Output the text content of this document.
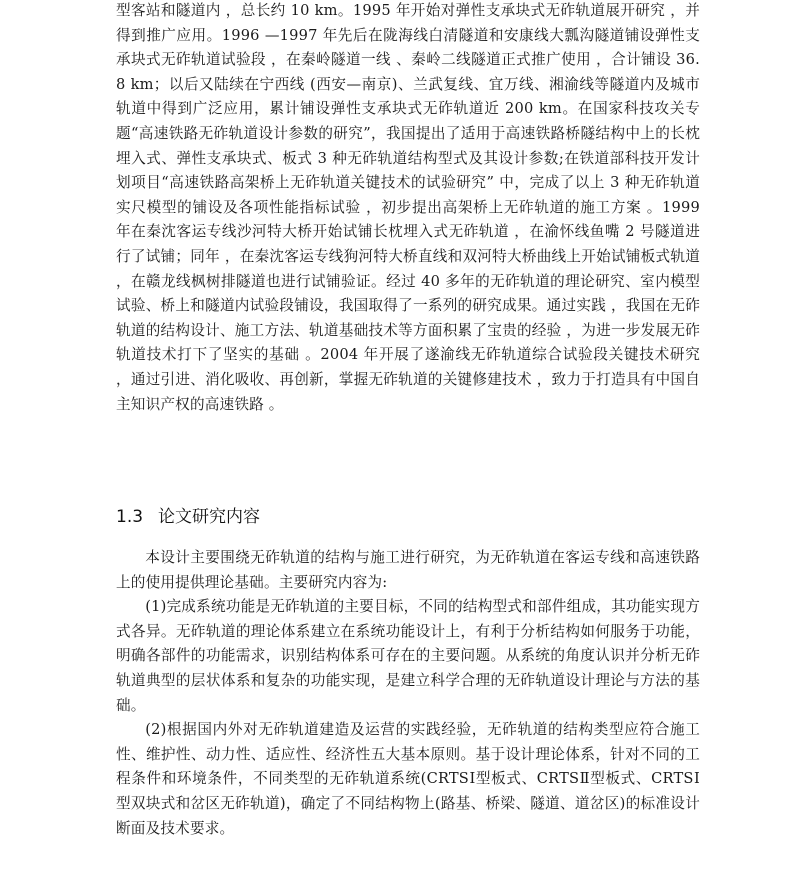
型客站和隧道内 ，总长约 10 km。1995 年开始对弹性支承块式无砟轨道展开研究 ，并得到推广应用。1996 —1997 年先后在陇海线白清隧道和安康线大瓢沟隧道铺设弹性支承块式无砟轨道试验段 ，在秦岭隧道一线 、秦岭二线隧道正式推广使用 ，合计铺设 36.8 km；以后又陆续在宁西线 (西安—南京)、兰武复线、宜万线、湘渝线等隧道内及城市轨道中得到广泛应用，累计铺设弹性支承块式无砟轨道近 200 km。在国家科技攻关专题“高速铁路无砟轨道设计参数的研究”，我国提出了适用于高速铁路桥隧结构中上的长枕埋入式、弹性支承块式、板式 3 种无砟轨道结构型式及其设计参数;在铁道部科技开发计划项目“高速铁路高架桥上无砟轨道关键技术的试验研究” 中，完成了以上 3 种无砟轨道实尺模型的铺设及各项性能指标试验 ，初步提出高架桥上无砟轨道的施工方案 。1999 年在秦沈客运专线沙河特大桥开始试铺长枕埋入式无砟轨道 ，在渝怀线鱼嘴 2 号隧道进行了试铺；同年 ，在秦沈客运专线狗河特大桥直线和双河特大桥曲线上开始试铺板式轨道 ，在赣龙线枫树排隧道也进行试铺验证。经过 40 多年的无砟轨道的理论研究、室内模型试验、桥上和隧道内试验段铺设，我国取得了一系列的研究成果。通过实践 ，我国在无砟轨道的结构设计、施工方法、轨道基础技术等方面积累了宝贵的经验 ，为进一步发展无砟轨道技术打下了坚实的基础 。2004 年开展了遂渝线无砟轨道综合试验段关键技术研究 ，通过引进、消化吸收、再创新，掌握无砟轨道的关键修建技术 ，致力于打造具有中国自主知识产权的高速铁路 。

1.3 论文研究内容

本设计主要围绕无砟轨道的结构与施工进行研究，为无砟轨道在客运专线和高速铁路上的使用提供理论基础。主要研究内容为:

(1)完成系统功能是无砟轨道的主要目标，不同的结构型式和部件组成，其功能实现方式各异。无砟轨道的理论体系建立在系统功能设计上，有利于分析结构如何服务于功能，明确各部件的功能需求，识别结构体系可存在的主要问题。从系统的角度认识并分析无砟轨道典型的层状体系和复杂的功能实现，是建立科学合理的无砟轨道设计理论与方法的基础。

(2)根据国内外对无砟轨道建造及运营的实践经验，无砟轨道的结构类型应符合施工性、维护性、动力性、适应性、经济性五大基本原则。基于设计理论体系，针对不同的工程条件和环境条件，不同类型的无砟轨道系统(CRTSⅠ型板式、CRTSⅡ型板式、CRTSⅠ型双块式和岔区无砟轨道)，确定了不同结构物上(路基、桥梁、隧道、道岔区)的标准设计断面及技术要求。
